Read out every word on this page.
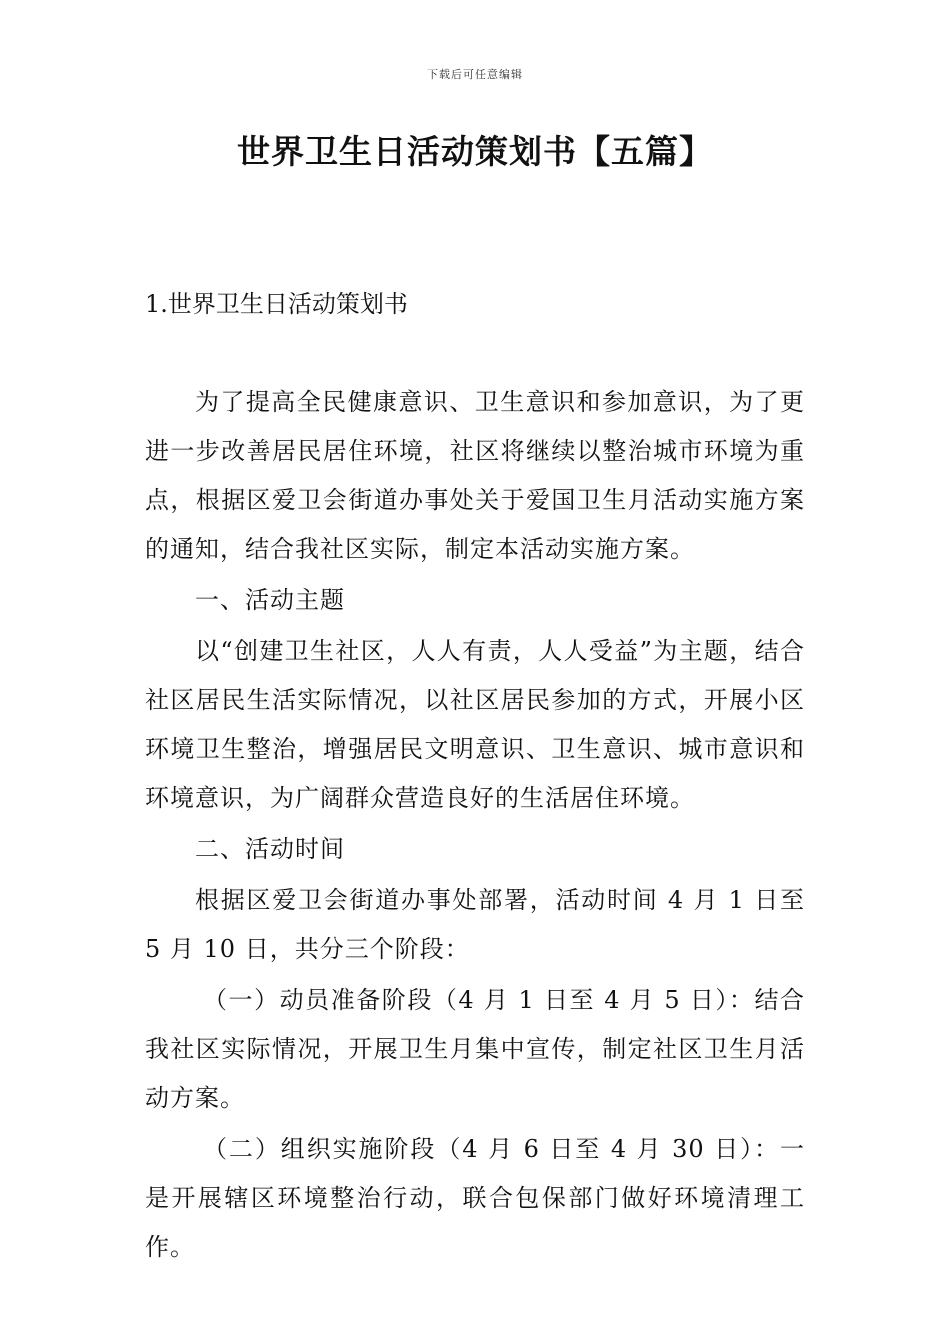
下载后可任意编辑
世界卫生日活动策划书【五篇】
1.世界卫生日活动策划书

为了提高全民健康意识、卫生意识和参加意识，为了更进一步改善居民居住环境，社区将继续以整治城市环境为重点，根据区爱卫会街道办事处关于爱国卫生月活动实施方案的通知，结合我社区实际，制定本活动实施方案。

一、活动主题

以“创建卫生社区，人人有责，人人受益”为主题，结合社区居民生活实际情况，以社区居民参加的方式，开展小区环境卫生整治，增强居民文明意识、卫生意识、城市意识和环境意识，为广阔群众营造良好的生活居住环境。

二、活动时间

根据区爱卫会街道办事处部署，活动时间 4 月 1 日至 5 月 10 日，共分三个阶段：

（一）动员准备阶段（4 月 1 日至 4 月 5 日）：结合我社区实际情况，开展卫生月集中宣传，制定社区卫生月活动方案。

（二）组织实施阶段（4 月 6 日至 4 月 30 日）：一是开展辖区环境整治行动，联合包保部门做好环境清理工作。
